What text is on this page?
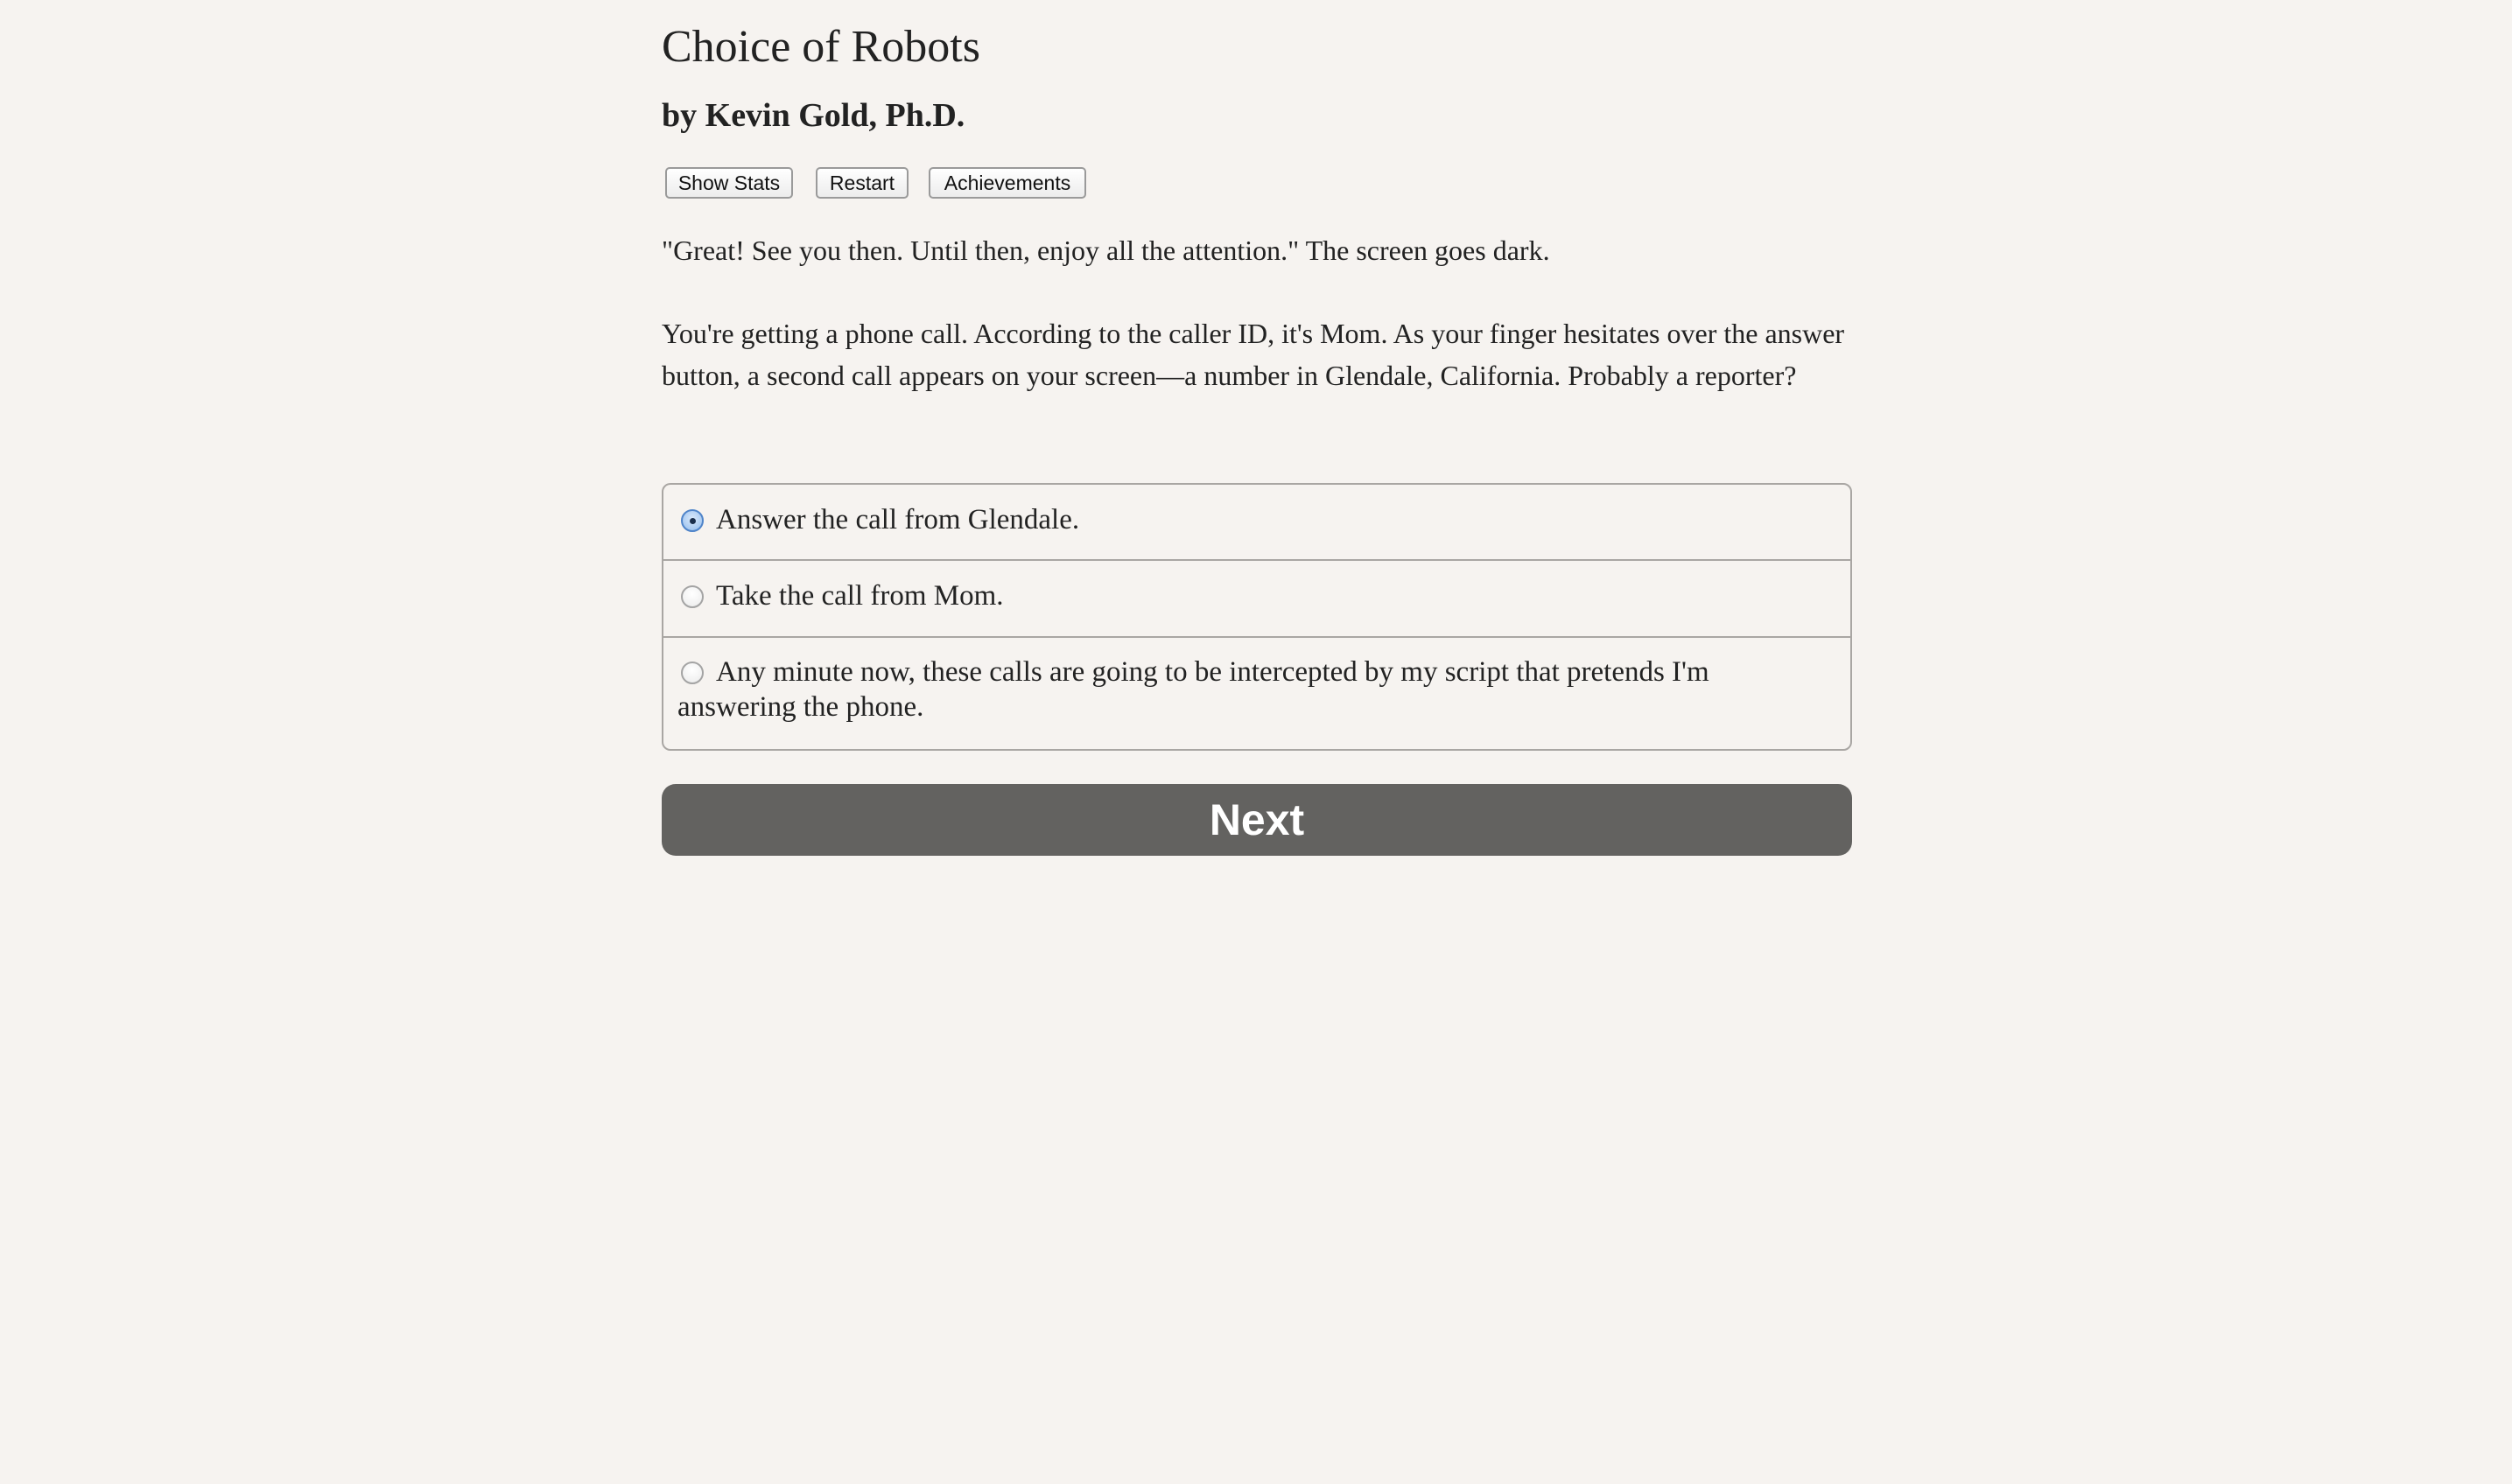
Choice of Robots
by Kevin Gold, Ph.D.
Show Stats	Restart	Achievements

"Great! See you then. Until then, enjoy all the attention." The screen goes dark.

You're getting a phone call. According to the caller ID, it's Mom. As your finger hesitates over the answer button, a second call appears on your screen—a number in Glendale, California. Probably a reporter?

Answer the call from Glendale.
Take the call from Mom.

Any minute now, these calls are going to be intercepted by my script that pretends I'm answering the phone.

Next
